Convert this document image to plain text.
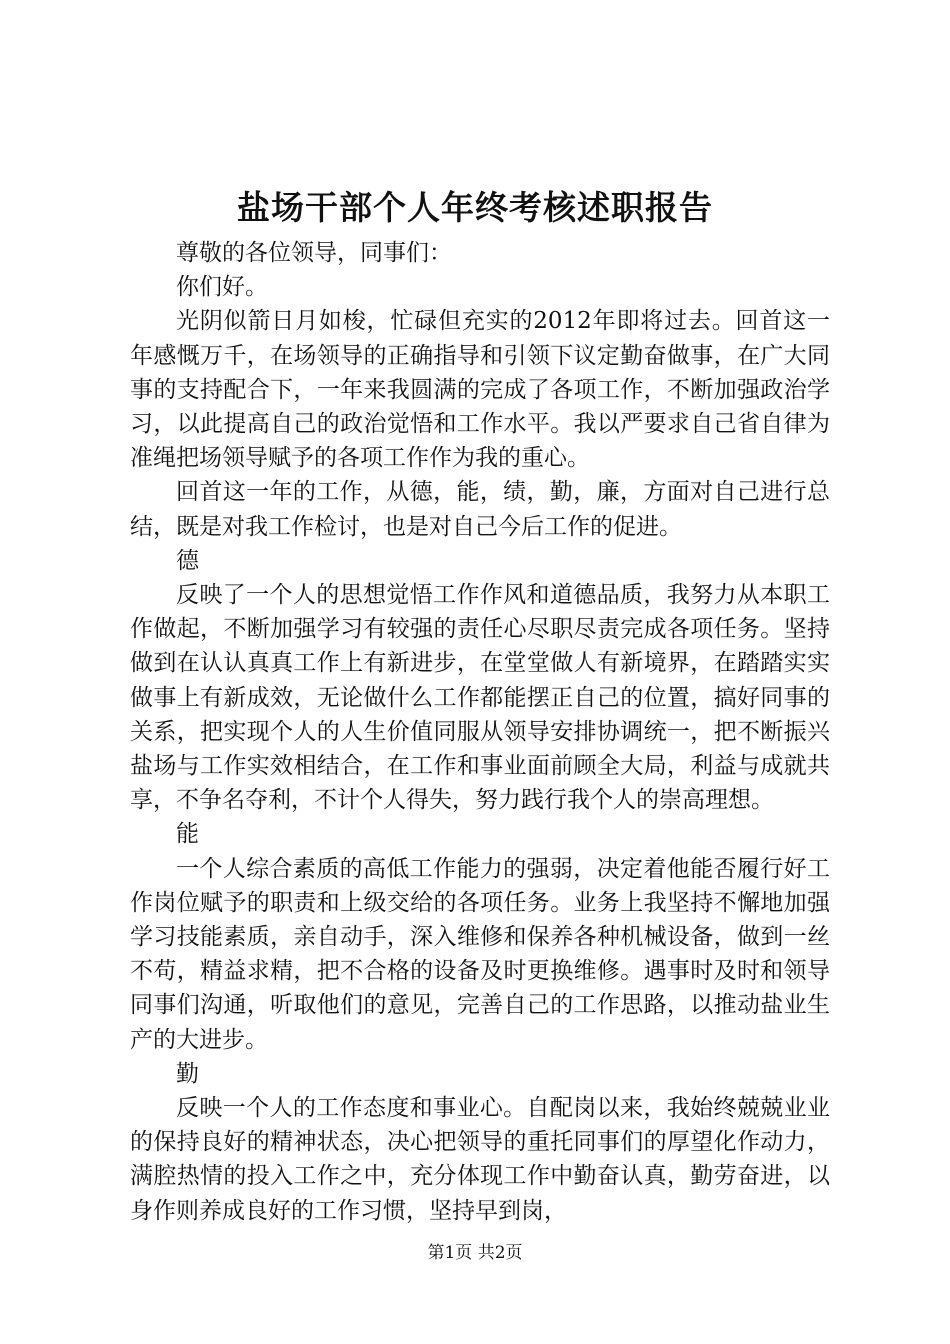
盐场干部个人年终考核述职报告

尊敬的各位领导，同事们：

你们好。

光阴似箭日月如梭，忙碌但充实的2012年即将过去。回首这一年感慨万千，在场领导的正确指导和引领下议定勤奋做事，在广大同事的支持配合下，一年来我圆满的完成了各项工作，不断加强政治学习，以此提高自己的政治觉悟和工作水平。我以严要求自己省自律为准绳把场领导赋予的各项工作作为我的重心。

回首这一年的工作，从德，能，绩，勤，廉，方面对自己进行总结，既是对我工作检讨，也是对自己今后工作的促进。

德

反映了一个人的思想觉悟工作作风和道德品质，我努力从本职工作做起，不断加强学习有较强的责任心尽职尽责完成各项任务。坚持做到在认认真真工作上有新进步，在堂堂做人有新境界，在踏踏实实做事上有新成效，无论做什么工作都能摆正自己的位置，搞好同事的关系，把实现个人的人生价值同服从领导安排协调统一，把不断振兴盐场与工作实效相结合，在工作和事业面前顾全大局，利益与成就共享，不争名夺利，不计个人得失，努力践行我个人的崇高理想。

能

一个人综合素质的高低工作能力的强弱，决定着他能否履行好工作岗位赋予的职责和上级交给的各项任务。业务上我坚持不懈地加强学习技能素质，亲自动手，深入维修和保养各种机械设备，做到一丝不苟，精益求精，把不合格的设备及时更换维修。遇事时及时和领导同事们沟通，听取他们的意见，完善自己的工作思路，以推动盐业生产的大进步。

勤

反映一个人的工作态度和事业心。自配岗以来，我始终兢兢业业的保持良好的精神状态，决心把领导的重托同事们的厚望化作动力，满腔热情的投入工作之中，充分体现工作中勤奋认真，勤劳奋进，以身作则养成良好的工作习惯，坚持早到岗，

第1页 共2页
